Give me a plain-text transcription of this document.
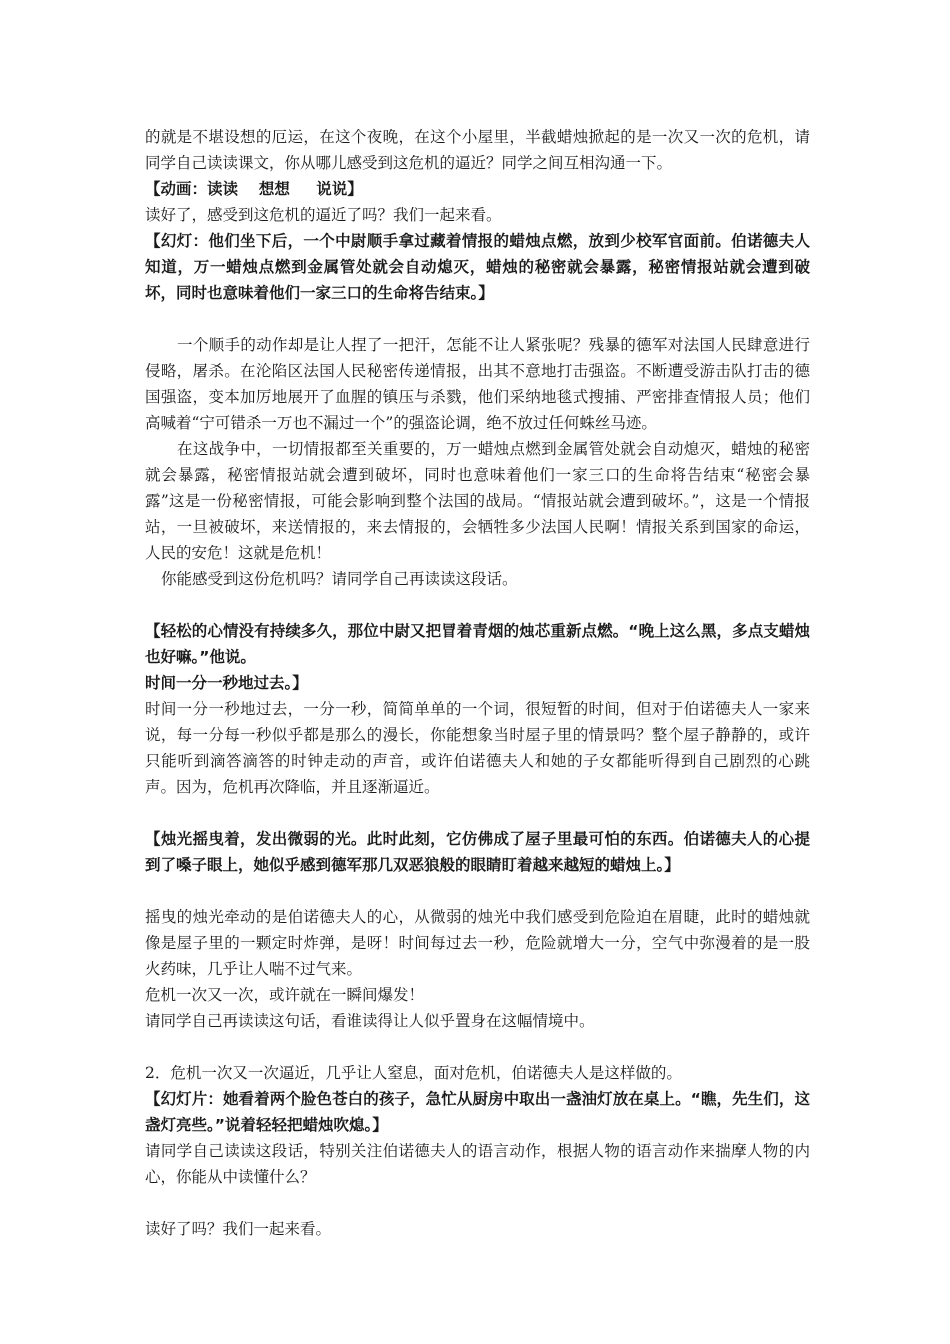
的就是不堪设想的厄运，在这个夜晚，在这个小屋里，半截蜡烛掀起的是一次又一次的危机，请同学自己读读课文，你从哪儿感受到这危机的逼近？同学之间互相沟通一下。

【动画：读读　 想想 　 说说】

读好了，感受到这危机的逼近了吗？我们一起来看。

【幻灯：他们坐下后，一个中尉顺手拿过藏着情报的蜡烛点燃，放到少校军官面前。伯诺德夫人知道，万一蜡烛点燃到金属管处就会自动熄灭，蜡烛的秘密就会暴露，秘密情报站就会遭到破坏，同时也意味着他们一家三口的生命将告结束。】

一个顺手的动作却是让人捏了一把汗，怎能不让人紧张呢？残暴的德军对法国人民肆意进行侵略，屠杀。在沦陷区法国人民秘密传递情报，出其不意地打击强盗。不断遭受游击队打击的德国强盗，变本加厉地展开了血腥的镇压与杀戮，他们采纳地毯式搜捕、严密排查情报人员；他们高喊着“宁可错杀一万也不漏过一个”的强盗论调，绝不放过任何蛛丝马迹。

在这战争中，一切情报都至关重要的，万一蜡烛点燃到金属管处就会自动熄灭，蜡烛的秘密就会暴露，秘密情报站就会遭到破坏，同时也意味着他们一家三口的生命将告结束“秘密会暴露”这是一份秘密情报，可能会影响到整个法国的战局。“情报站就会遭到破坏。”，这是一个情报站，一旦被破坏，来送情报的，来去情报的，会牺牲多少法国人民啊！情报关系到国家的命运，人民的安危！这就是危机！

你能感受到这份危机吗？请同学自己再读读这段话。

【轻松的心情没有持续多久，那位中尉又把冒着青烟的烛芯重新点燃。“晚上这么黑，多点支蜡烛也好嘛。”他说。

时间一分一秒地过去。】

时间一分一秒地过去，一分一秒，简简单单的一个词，很短暂的时间，但对于伯诺德夫人一家来说，每一分每一秒似乎都是那么的漫长，你能想象当时屋子里的情景吗？整个屋子静静的，或许只能听到滴答滴答的时钟走动的声音，或许伯诺德夫人和她的子女都能听得到自己剧烈的心跳声。因为，危机再次降临，并且逐渐逼近。

【烛光摇曳着，发出微弱的光。此时此刻，它仿佛成了屋子里最可怕的东西。伯诺德夫人的心提到了嗓子眼上，她似乎感到德军那几双恶狼般的眼睛盯着越来越短的蜡烛上。】

摇曳的烛光牵动的是伯诺德夫人的心，从微弱的烛光中我们感受到危险迫在眉睫，此时的蜡烛就像是屋子里的一颗定时炸弹，是呀！时间每过去一秒，危险就增大一分，空气中弥漫着的是一股火药味，几乎让人喘不过气来。

危机一次又一次，或许就在一瞬间爆发！

请同学自己再读读这句话，看谁读得让人似乎置身在这幅情境中。

2．危机一次又一次逼近，几乎让人窒息，面对危机，伯诺德夫人是这样做的。

【幻灯片：她看着两个脸色苍白的孩子，急忙从厨房中取出一盏油灯放在桌上。“瞧，先生们，这盏灯亮些。”说着轻轻把蜡烛吹熄。】

请同学自己读读这段话，特别关注伯诺德夫人的语言动作，根据人物的语言动作来揣摩人物的内心，你能从中读懂什么？

读好了吗？我们一起来看。
